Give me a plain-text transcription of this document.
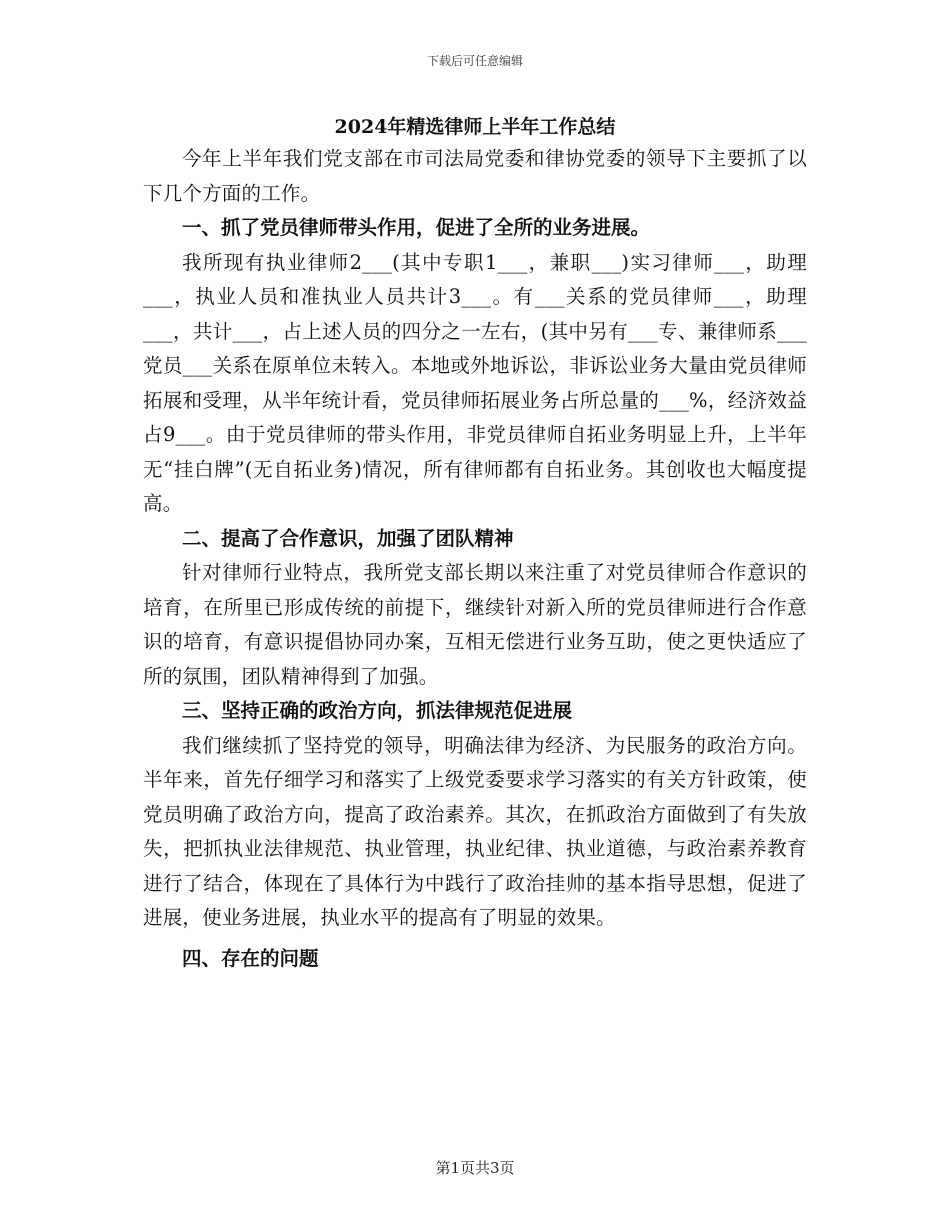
下载后可任意编辑
2024年精选律师上半年工作总结

今年上半年我们党支部在市司法局党委和律协党委的领导下主要抓了以下几个方面的工作。

一、抓了党员律师带头作用，促进了全所的业务进展。

我所现有执业律师2___(其中专职1___，兼职___)实习律师___，助理___，执业人员和准执业人员共计3___。有___关系的党员律师___，助理___，共计___，占上述人员的四分之一左右，(其中另有___专、兼律师系___党员___关系在原单位未转入。本地或外地诉讼，非诉讼业务大量由党员律师拓展和受理，从半年统计看，党员律师拓展业务占所总量的___%，经济效益占9___。由于党员律师的带头作用，非党员律师自拓业务明显上升，上半年无“挂白牌”(无自拓业务)情况，所有律师都有自拓业务。其创收也大幅度提高。

二、提高了合作意识，加强了团队精神

针对律师行业特点，我所党支部长期以来注重了对党员律师合作意识的培育，在所里已形成传统的前提下，继续针对新入所的党员律师进行合作意识的培育，有意识提倡协同办案，互相无偿进行业务互助，使之更快适应了所的氛围，团队精神得到了加强。

三、坚持正确的政治方向，抓法律规范促进展

我们继续抓了坚持党的领导，明确法律为经济、为民服务的政治方向。半年来，首先仔细学习和落实了上级党委要求学习落实的有关方针政策，使党员明确了政治方向，提高了政治素养。其次，在抓政治方面做到了有失放失，把抓执业法律规范、执业管理，执业纪律、执业道德，与政治素养教育进行了结合，体现在了具体行为中践行了政治挂帅的基本指导思想，促进了进展，使业务进展，执业水平的提高有了明显的效果。

四、存在的问题

第1页共3页
